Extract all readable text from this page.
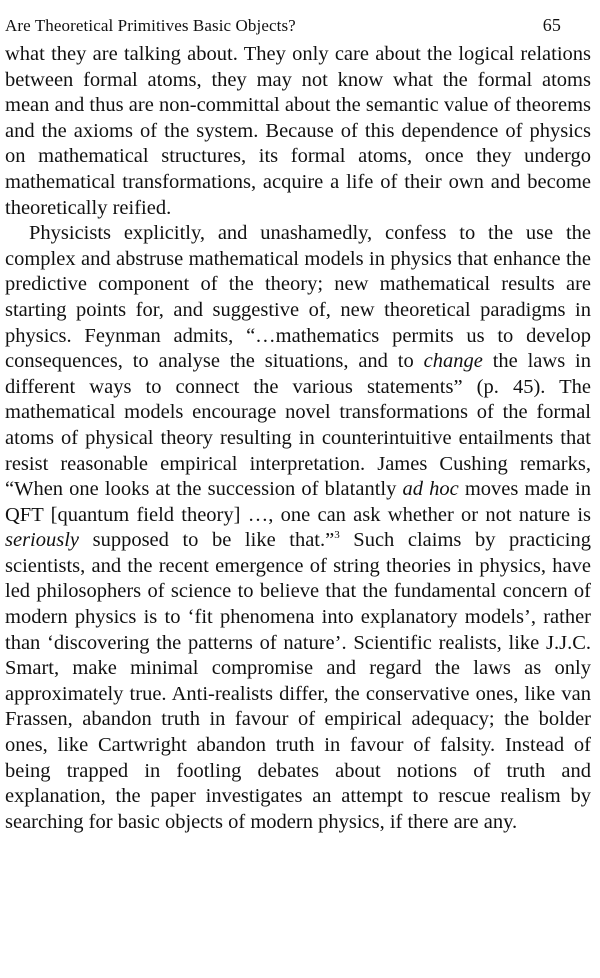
Are Theoretical Primitives Basic Objects?	65

what they are talking about. They only care about the logical relations between formal atoms, they may not know what the formal atoms mean and thus are non-committal about the semantic value of theorems and the axioms of the system. Because of this dependence of physics on mathematical structures, its formal atoms, once they undergo mathematical transformations, acquire a life of their own and become theoretically reified.

Physicists explicitly, and unashamedly, confess to the use the complex and abstruse mathematical models in physics that enhance the predictive component of the theory; new mathematical results are starting points for, and suggestive of, new theoretical paradigms in physics. Feynman admits, “…mathematics permits us to develop consequences, to analyse the situations, and to change the laws in different ways to connect the various statements” (p. 45). The mathematical models encourage novel transformations of the formal atoms of physical theory resulting in counterintuitive entailments that resist reasonable empirical interpretation. James Cushing remarks, “When one looks at the succession of blatantly ad hoc moves made in QFT [quantum field theory] …, one can ask whether or not nature is seriously supposed to be like that.”$^3$ Such claims by practicing scientists, and the recent emergence of string theories in physics, have led philosophers of science to believe that the fundamental concern of modern physics is to ‘fit phenomena into explanatory models’, rather than ‘discovering the patterns of nature’. Scientific realists, like J.J.C. Smart, make minimal compromise and regard the laws as only approximately true. Anti-realists differ, the conservative ones, like van Frassen, abandon truth in favour of empirical adequacy; the bolder ones, like Cartwright abandon truth in favour of falsity. Instead of being trapped in footling debates about notions of truth and explanation, the paper investigates an attempt to rescue realism by searching for basic objects of modern physics, if there are any.
